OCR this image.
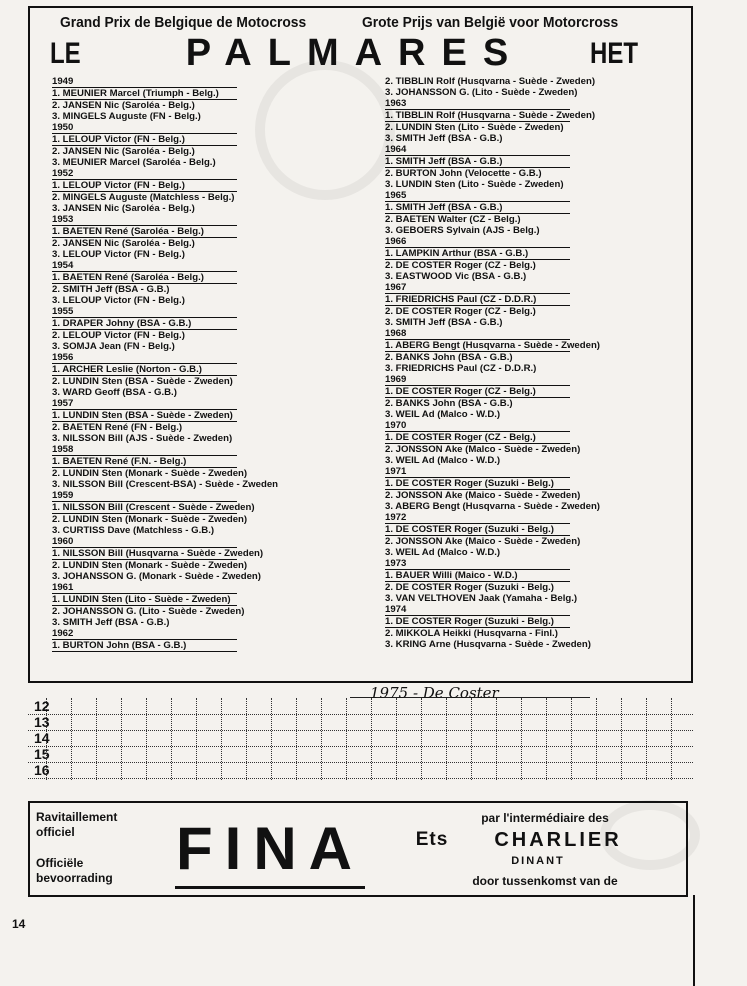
Grand Prix de Belgique de Motocross	Grote Prijs van België voor Motorcross
LE	PALMARES HET
1949
1. MEUNIER Marcel (Triumph - Belg.)
2. JANSEN Nic (Saroléa - Belg.)
3. MINGELS Auguste (FN - Belg.)
1950
1. LELOUP Victor (FN - Belg.)
2. JANSEN Nic (Saroléa - Belg.)
3. MEUNIER Marcel (Saroléa - Belg.)
1952
1. LELOUP Victor (FN - Belg.)
2. MINGELS Auguste (Matchless - Belg.)
3. JANSEN Nic (Saroléa - Belg.)
1953
1. BAETEN René (Saroléa - Belg.)
2. JANSEN Nic (Saroléa - Belg.)
3. LELOUP Victor (FN - Belg.)
1954
1. BAETEN René (Saroléa - Belg.)
2. SMITH Jeff (BSA - G.B.)
3. LELOUP Victor (FN - Belg.)
1955
1. DRAPER Johny (BSA - G.B.)
2. LELOUP Victor (FN - Belg.)
3. SOMJA Jean (FN - Belg.)
1956
1. ARCHER Leslie (Norton - G.B.)
2. LUNDIN Sten (BSA - Suède - Zweden)
3. WARD Geoff (BSA - G.B.)
1957
1. LUNDIN Sten (BSA - Suède - Zweden)
2. BAETEN René (FN - Belg.)
3. NILSSON Bill (AJS - Suède - Zweden)
1958
1. BAETEN René (F.N. - Belg.)
2. LUNDIN Sten (Monark - Suède - Zweden)
3. NILSSON Bill (Crescent-BSA) - Suède - Zweden
1959
1. NILSSON Bill (Crescent - Suède - Zweden)
2. LUNDIN Sten (Monark - Suède - Zweden)
3. CURTISS Dave (Matchless - G.B.)
1960
1. NILSSON Bill (Husqvarna - Suède - Zweden)
2. LUNDIN Sten (Monark - Suède - Zweden)
3. JOHANSSON G. (Monark - Suède - Zweden)
1961
1. LUNDIN Sten (Lito - Suède - Zweden)
2. JOHANSSON G. (Lito - Suède - Zweden)
3. SMITH Jeff (BSA - G.B.)
1962
1. BURTON John (BSA - G.B.)
2. TIBBLIN Rolf (Husqvarna - Suède - Zweden)
3. JOHANSSON G. (Lito - Suède - Zweden)
1963
1. TIBBLIN Rolf (Husqvarna - Suède - Zweden)
2. LUNDIN Sten (Lito - Suède - Zweden)
3. SMITH Jeff (BSA - G.B.)
1964
1. SMITH Jeff (BSA - G.B.)
2. BURTON John (Velocette - G.B.)
3. LUNDIN Sten (Lito - Suède - Zweden)
1965
1. SMITH Jeff (BSA - G.B.)
2. BAETEN Walter (CZ - Belg.)
3. GEBOERS Sylvain (AJS - Belg.)
1966
1. LAMPKIN Arthur (BSA - G.B.)
2. DE COSTER Roger (CZ - Belg.)
3. EASTWOOD Vic (BSA - G.B.)
1967
1. FRIEDRICHS Paul (CZ - D.D.R.)
2. DE COSTER Roger (CZ - Belg.)
3. SMITH Jeff (BSA - G.B.)
1968
1. ABERG Bengt (Husqvarna - Suède - Zweden)
2. BANKS John (BSA - G.B.)
3. FRIEDRICHS Paul (CZ - D.D.R.)
1969
1. DE COSTER Roger (CZ - Belg.)
2. BANKS John (BSA - G.B.)
3. WEIL Ad (Malco - W.D.)
1970
1. DE COSTER Roger (CZ - Belg.)
2. JONSSON Ake (Malco - Suède - Zweden)
3. WEIL Ad (Malco - W.D.)
1971
1. DE COSTER Roger (Suzuki - Belg.)
2. JONSSON Ake (Maico - Suède - Zweden)
3. ABERG Bengt (Husqvarna - Suède - Zweden)
1972
1. DE COSTER Roger (Suzuki - Belg.)
2. JONSSON Ake (Maico - Suède - Zweden)
3. WEIL Ad (Malco - W.D.)
1973
1. BAUER Willi (Maico - W.D.)
2. DE COSTER Roger (Suzuki - Belg.)
3. VAN VELTHOVEN Jaak (Yamaha - Belg.)
1974
1. DE COSTER Roger (Suzuki - Belg.)
2. MIKKOLA Heikki (Husqvarna - Finl.)
3. KRING Arne (Husqvarna - Suède - Zweden)
1975 - De Coster
12
13
14
15
16
Ravitaillement
officiel
Officiële
bevoorrading FINA	par l'intermédiaire des
Ets	CHARLIER
DINANT
door tussenkomst van de
14
